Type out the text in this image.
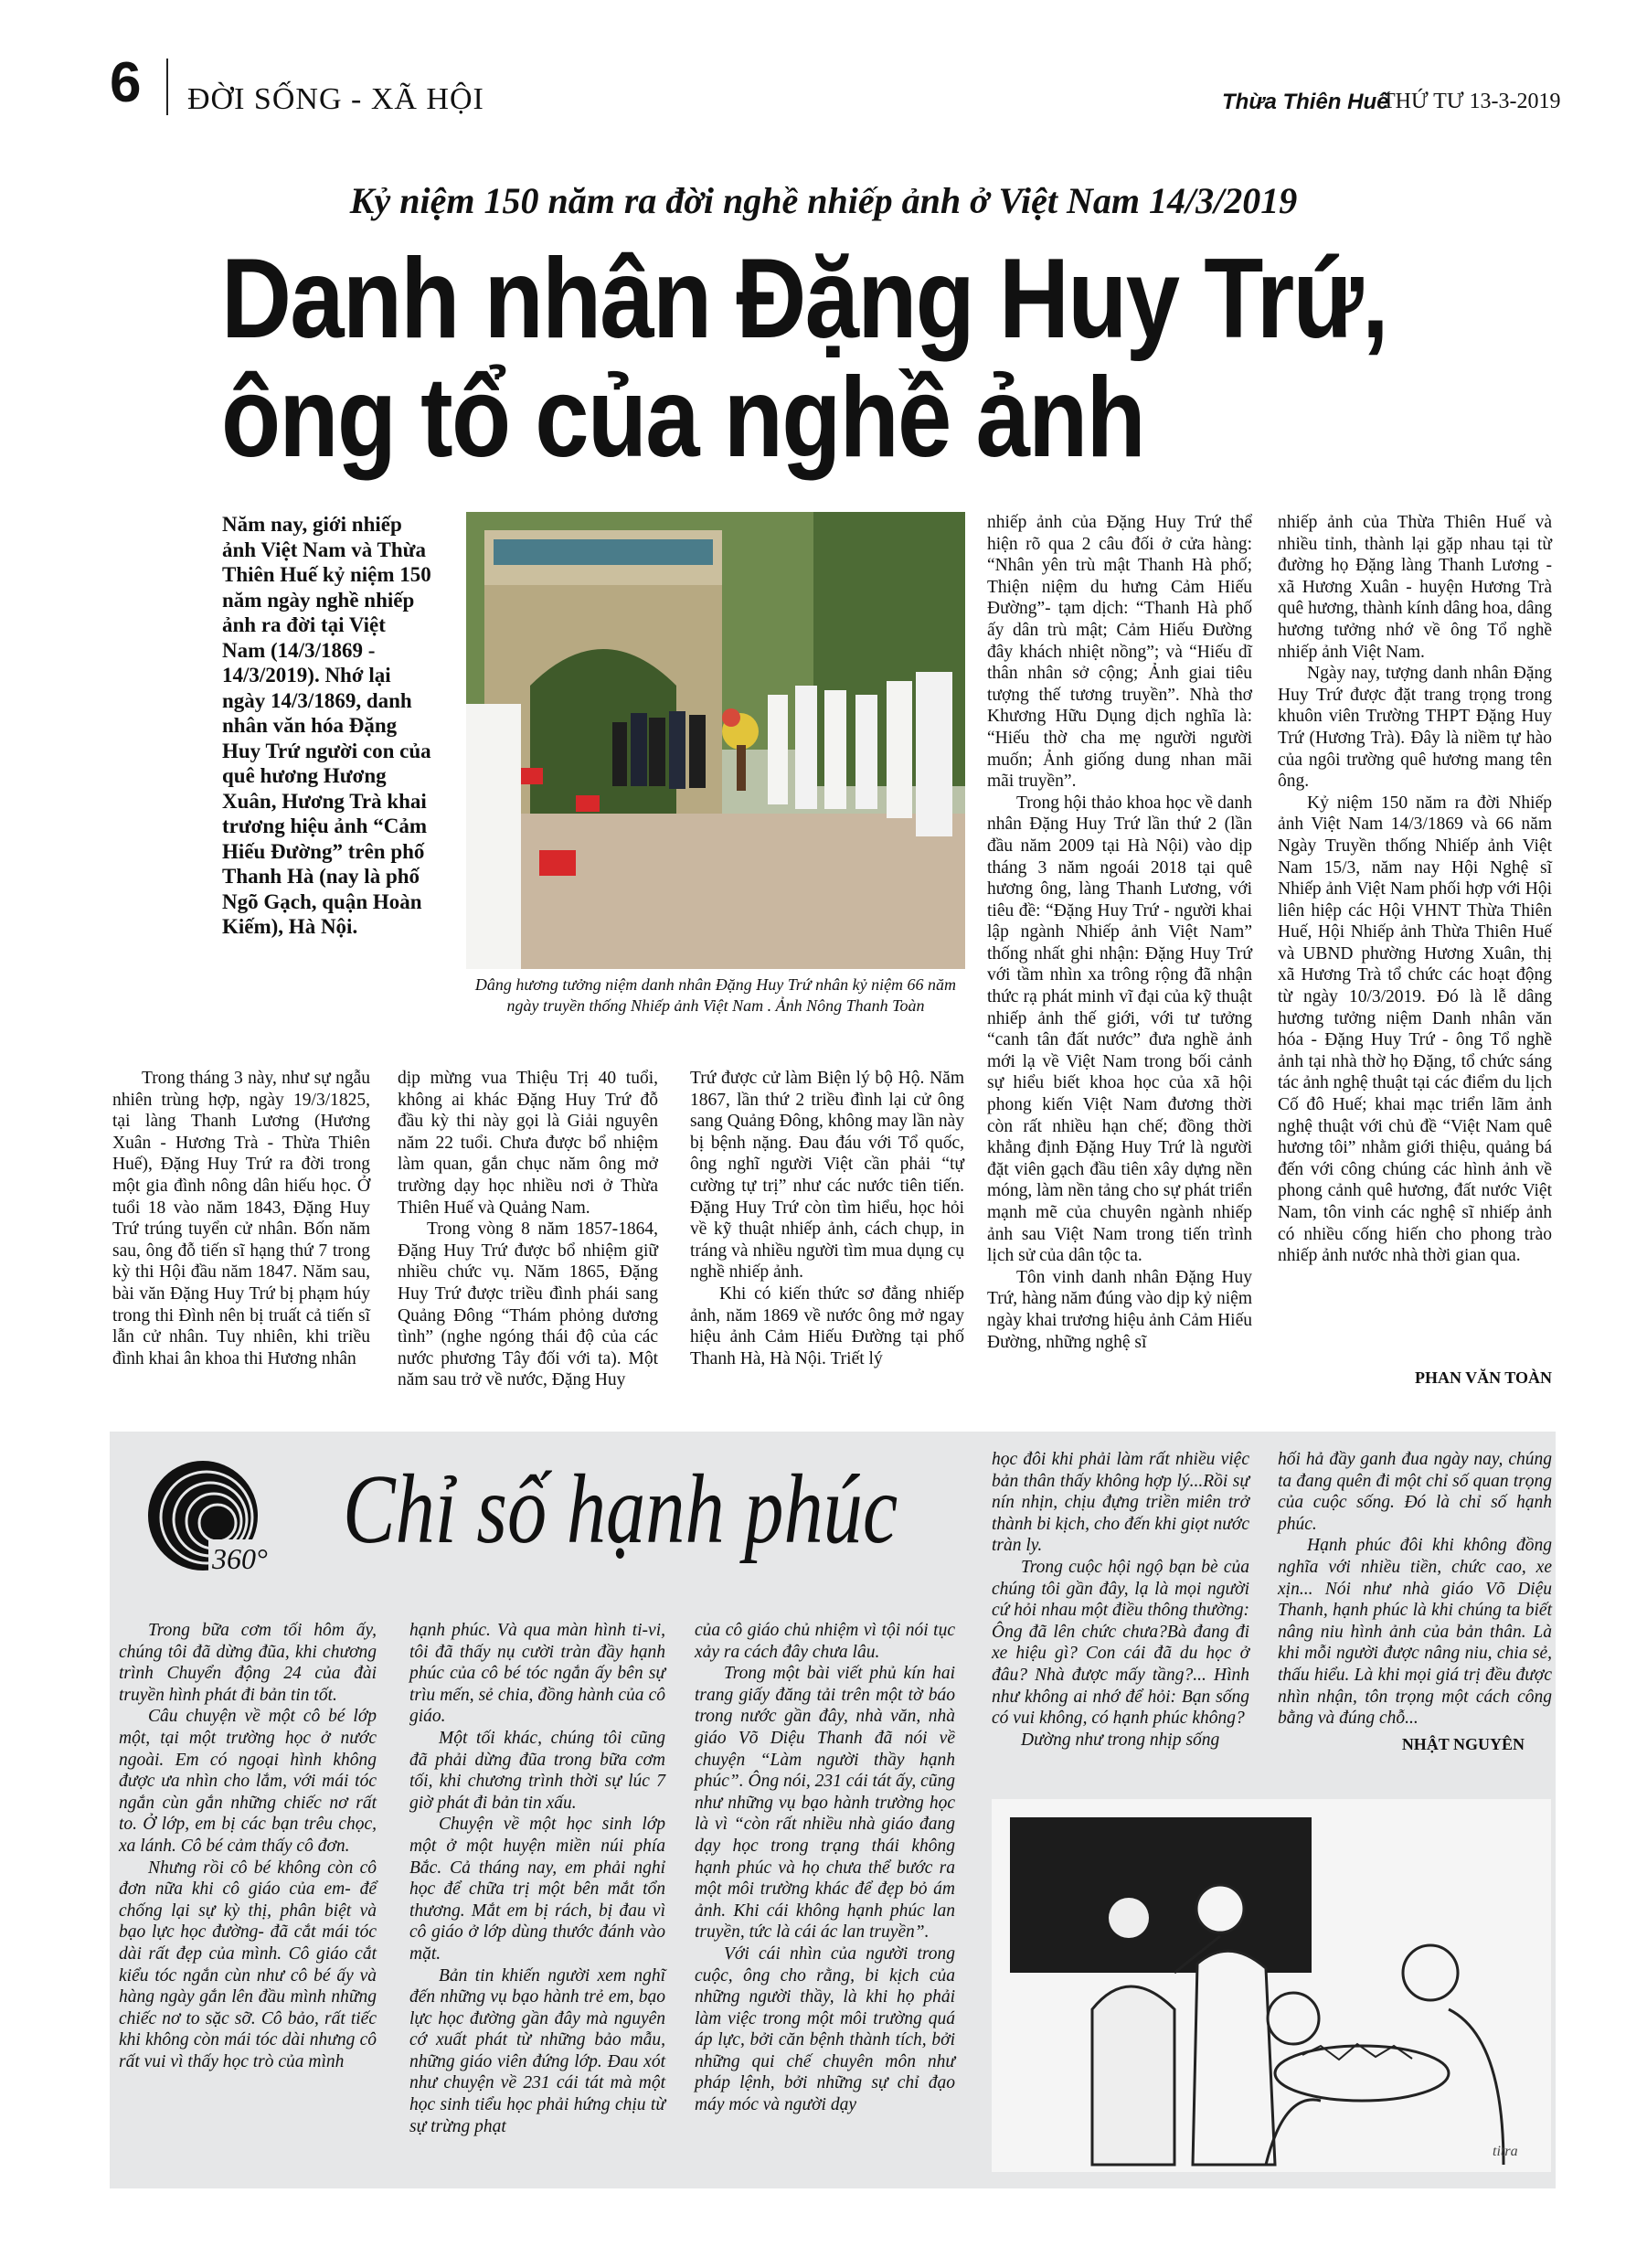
6 ĐỜI SỐNG - XÃ HỘI	Thừa Thiên Huế
THỨ TƯ 13-3-2019
Kỷ niệm 150 năm ra đời nghề nhiếp ảnh ở Việt Nam 14/3/2019
Danh nhân Đặng Huy Trứ,
ông tổ của nghề ảnh
Năm nay, giới nhiếp ảnh Việt Nam và Thừa Thiên Huế kỷ niệm 150 năm ngày nghề nhiếp ảnh ra đời tại Việt Nam (14/3/1869 - 14/3/2019). Nhớ lại ngày 14/3/1869, danh nhân văn hóa Đặng Huy Trứ người con của quê hương Hương Xuân, Hương Trà khai trương hiệu ảnh “Cảm Hiếu Đường” trên phố Thanh Hà (nay là phố Ngõ Gạch, quận Hoàn Kiếm), Hà Nội.
Dâng hương tưởng niệm danh nhân Đặng Huy Trứ nhân kỷ niệm 66 năm ngày truyền thống Nhiếp ảnh Việt Nam . Ảnh Nông Thanh Toàn

Trong tháng 3 này, như sự ngẫu nhiên trùng hợp, ngày 19/3/1825, tại làng Thanh Lương (Hương Xuân - Hương Trà - Thừa Thiên Huế), Đặng Huy Trứ ra đời trong một gia đình nông dân hiếu học. Ở tuổi 18 vào năm 1843, Đặng Huy Trứ trúng tuyển cử nhân. Bốn năm sau, ông đỗ tiến sĩ hạng thứ 7 trong kỳ thi Hội đầu năm 1847. Năm sau, bài văn Đặng Huy Trứ bị phạm húy trong thi Đình nên bị truất cả tiến sĩ lẫn cử nhân. Tuy nhiên, khi triều đình khai ân khoa thi Hương nhân

dịp mừng vua Thiệu Trị 40 tuổi, không ai khác Đặng Huy Trứ đỗ đầu kỳ thi này gọi là Giải nguyên năm 22 tuổi. Chưa được bổ nhiệm làm quan, gắn chục năm ông mở trường dạy học nhiều nơi ở Thừa Thiên Huế và Quảng Nam.

Trong vòng 8 năm 1857-1864, Đặng Huy Trứ được bổ nhiệm giữ nhiều chức vụ. Năm 1865, Đặng Huy Trứ được triều đình phái sang Quảng Đông “Thám phỏng dương tình” (nghe ngóng thái độ của các nước phương Tây đối với ta). Một năm sau trở về nước, Đặng Huy

Trứ được cử làm Biện lý bộ Hộ. Năm 1867, lần thứ 2 triều đình lại cử ông sang Quảng Đông, không may lần này bị bệnh nặng. Đau đáu với Tổ quốc, ông nghĩ người Việt cần phải “tự cường tự trị” như các nước tiên tiến. Đặng Huy Trứ còn tìm hiểu, học hỏi về kỹ thuật nhiếp ảnh, cách chụp, in tráng và nhiều người tìm mua dụng cụ nghề nhiếp ảnh.

Khi có kiến thức sơ đẳng nhiếp ảnh, năm 1869 về nước ông mở ngay hiệu ảnh Cảm Hiếu Đường tại phố Thanh Hà, Hà Nội. Triết lý

nhiếp ảnh của Đặng Huy Trứ thể hiện rõ qua 2 câu đối ở cửa hàng: “Nhân yên trù mật Thanh Hà phố; Thiện niệm du hưng Cảm Hiếu Đường”- tạm dịch: “Thanh Hà phố ấy dân trù mật; Cảm Hiếu Đường đây khách nhiệt nồng”; và “Hiếu dĩ thân nhân sở cộng; Ảnh giai tiêu tượng thế tương truyền”. Nhà thơ Khương Hữu Dụng dịch nghĩa là: “Hiếu thờ cha mẹ người người muốn; Ảnh giống dung nhan mãi mãi truyền”.

Trong hội thảo khoa học về danh nhân Đặng Huy Trứ lần thứ 2 (lần đầu năm 2009 tại Hà Nội) vào dịp tháng 3 năm ngoái 2018 tại quê hương ông, làng Thanh Lương, với tiêu đề: “Đặng Huy Trứ - người khai lập ngành Nhiếp ảnh Việt Nam” thống nhất ghi nhận: Đặng Huy Trứ với tầm nhìn xa trông rộng đã nhận thức rạ phát minh vĩ đại của kỹ thuật nhiếp ảnh thế giới, với tư tưởng “canh tân đất nước” đưa nghề ảnh mới lạ về Việt Nam trong bối cảnh sự hiểu biết khoa học của xã hội phong kiến Việt Nam đương thời còn rất nhiều hạn chế; đồng thời khẳng định Đặng Huy Trứ là người đặt viên gạch đầu tiên xây dựng nền móng, làm nền tảng cho sự phát triển mạnh mẽ của chuyên ngành nhiếp ảnh sau Việt Nam trong tiến trình lịch sử của dân tộc ta.

Tôn vinh danh nhân Đặng Huy Trứ, hàng năm đúng vào dịp kỷ niệm ngày khai trương hiệu ảnh Cảm Hiếu Đường, những nghệ sĩ

nhiếp ảnh của Thừa Thiên Huế và nhiều tỉnh, thành lại gặp nhau tại từ đường họ Đặng làng Thanh Lương - xã Hương Xuân - huyện Hương Trà quê hương, thành kính dâng hoa, dâng hương tưởng nhớ về ông Tổ nghề nhiếp ảnh Việt Nam.

Ngày nay, tượng danh nhân Đặng Huy Trứ được đặt trang trọng trong khuôn viên Trường THPT Đặng Huy Trứ (Hương Trà). Đây là niềm tự hào của ngôi trường quê hương mang tên ông.

Kỷ niệm 150 năm ra đời Nhiếp ảnh Việt Nam 14/3/1869 và 66 năm Ngày Truyền thống Nhiếp ảnh Việt Nam 15/3, năm nay Hội Nghệ sĩ Nhiếp ảnh Việt Nam phối hợp với Hội liên hiệp các Hội VHNT Thừa Thiên Huế, Hội Nhiếp ảnh Thừa Thiên Huế và UBND phường Hương Xuân, thị xã Hương Trà tổ chức các hoạt động từ ngày 10/3/2019. Đó là lễ dâng hương tưởng niệm Danh nhân văn hóa - Đặng Huy Trứ - ông Tổ nghề ảnh tại nhà thờ họ Đặng, tổ chức sáng tác ảnh nghệ thuật tại các điểm du lịch Cố đô Huế; khai mạc triển lãm ảnh nghệ thuật với chủ đề “Việt Nam quê hương tôi” nhằm giới thiệu, quảng bá đến với công chúng các hình ảnh về phong cảnh quê hương, đất nước Việt Nam, tôn vinh các nghệ sĩ nhiếp ảnh có nhiều cống hiến cho phong trào nhiếp ảnh nước nhà thời gian qua.

PHAN VĂN TOÀN
360° Chỉ số hạnh phúc

Trong bữa cơm tối hôm ấy, chúng tôi đã dừng đũa, khi chương trình Chuyển động 24 của đài truyền hình phát đi bản tin tốt.

Câu chuyện về một cô bé lớp một, tại một trường học ở nước ngoài. Em có ngoại hình không được ưa nhìn cho lắm, với mái tóc ngắn cùn gắn những chiếc nơ rất to. Ở lớp, em bị các bạn trêu chọc, xa lánh. Cô bé cảm thấy cô đơn.

Nhưng rồi cô bé không còn cô đơn nữa khi cô giáo của em- để chống lại sự kỳ thị, phân biệt và bạo lực học đường- đã cắt mái tóc dài rất đẹp của mình. Cô giáo cắt kiểu tóc ngắn cùn như cô bé ấy và hàng ngày gắn lên đầu mình những chiếc nơ to sặc sỡ. Cô bảo, rất tiếc khi không còn mái tóc dài nhưng cô rất vui vì thấy học trò của mình

hạnh phúc. Và qua màn hình ti-vi, tôi đã thấy nụ cười tràn đầy hạnh phúc của cô bé tóc ngắn ấy bên sự trìu mến, sẻ chia, đồng hành của cô giáo.

Một tối khác, chúng tôi cũng đã phải dừng đũa trong bữa cơm tối, khi chương trình thời sự lúc 7 giờ phát đi bản tin xấu.

Chuyện về một học sinh lớp một ở một huyện miền núi phía Bắc. Cả tháng nay, em phải nghỉ học để chữa trị một bên mắt tổn thương. Mắt em bị rách, bị đau vì cô giáo ở lớp dùng thước đánh vào mặt.

Bản tin khiến người xem nghĩ đến những vụ bạo hành trẻ em, bạo lực học đường gần đây mà nguyên cớ xuất phát từ những bảo mẫu, những giáo viên đứng lớp. Đau xót như chuyện về 231 cái tát mà một học sinh tiểu học phải hứng chịu từ sự trừng phạt

của cô giáo chủ nhiệm vì tội nói tục xảy ra cách đây chưa lâu.

Trong một bài viết phủ kín hai trang giấy đăng tải trên một tờ báo trong nước gần đây, nhà văn, nhà giáo Võ Diệu Thanh đã nói về chuyện “Làm người thầy hạnh phúc”. Ông nói, 231 cái tát ấy, cũng như những vụ bạo hành trường học là vì “còn rất nhiều nhà giáo đang dạy học trong trạng thái không hạnh phúc và họ chưa thể bước ra một môi trường khác để đẹp bỏ ám ảnh. Khi cái không hạnh phúc lan truyền, tức là cái ác lan truyền”.

Với cái nhìn của người trong cuộc, ông cho rằng, bi kịch của những người thầy, là khi họ phải làm việc trong một môi trường quá áp lực, bởi căn bệnh thành tích, bởi những qui chế chuyên môn như pháp lệnh, bởi những sự chỉ đạo máy móc và người dạy

học đôi khi phải làm rất nhiều việc bản thân thấy không hợp lý...Rồi sự nín nhịn, chịu đựng triền miên trở thành bi kịch, cho đến khi giọt nước tràn ly.

Trong cuộc hội ngộ bạn bè của chúng tôi gần đây, lạ là mọi người cứ hỏi nhau một điều thông thường: Ông đã lên chức chưa?Bà đang đi xe hiệu gì? Con cái đã du học ở đâu? Nhà được mấy tầng?... Hình như không ai nhớ để hỏi: Bạn sống có vui không, có hạnh phúc không?

Dường như trong nhịp sống

hối hả đầy ganh đua ngày nay, chúng ta đang quên đi một chỉ số quan trọng của cuộc sống. Đó là chỉ số hạnh phúc.

Hạnh phúc đôi khi không đồng nghĩa với nhiều tiền, chức cao, xe xịn... Nói như nhà giáo Võ Diệu Thanh, hạnh phúc là khi chúng ta biết nâng niu hình ảnh của bản thân. Là khi mỗi người được nâng niu, chia sẻ, thấu hiểu. Là khi mọi giá trị đều được nhìn nhận, tôn trọng một cách công bằng và đúng chỗ...

NHẬT NGUYÊN
titra
